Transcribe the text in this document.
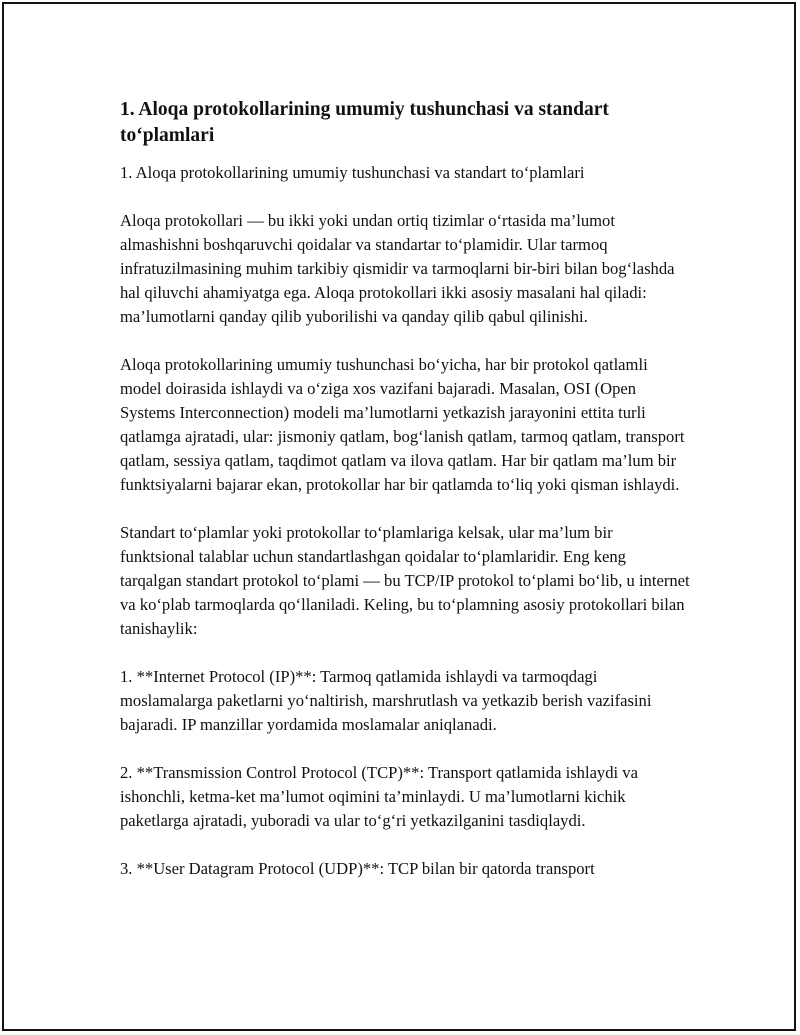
1. Aloqa protokollarining umumiy tushunchasi va standart to‘plamlari

1. Aloqa protokollarining umumiy tushunchasi va standart to‘plamlari

Aloqa protokollari — bu ikki yoki undan ortiq tizimlar o‘rtasida ma’lumot almashishni boshqaruvchi qoidalar va standartar to‘plamidir. Ular tarmoq infratuzilmasining muhim tarkibiy qismidir va tarmoqlarni bir-biri bilan bog‘lashda hal qiluvchi ahamiyatga ega. Aloqa protokollari ikki asosiy masalani hal qiladi: ma’lumotlarni qanday qilib yuborilishi va qanday qilib qabul qilinishi.

Aloqa protokollarining umumiy tushunchasi bo‘yicha, har bir protokol qatlamli model doirasida ishlaydi va o‘ziga xos vazifani bajaradi. Masalan, OSI (Open Systems Interconnection) modeli ma’lumotlarni yetkazish jarayonini ettita turli qatlamga ajratadi, ular: jismoniy qatlam, bog‘lanish qatlam, tarmoq qatlam, transport qatlam, sessiya qatlam, taqdimot qatlam va ilova qatlam. Har bir qatlam ma’lum bir funktsiyalarni bajarar ekan, protokollar har bir qatlamda to‘liq yoki qisman ishlaydi.

Standart to‘plamlar yoki protokollar to‘plamlariga kelsak, ular ma’lum bir funktsional talablar uchun standartlashgan qoidalar to‘plamlaridir. Eng keng tarqalgan standart protokol to‘plami — bu TCP/IP protokol to‘plami bo‘lib, u internet va ko‘plab tarmoqlarda qo‘llaniladi. Keling, bu to‘plamning asosiy protokollari bilan tanishaylik:

1. **Internet Protocol (IP)**: Tarmoq qatlamida ishlaydi va tarmoqdagi moslamalarga paketlarni yo‘naltirish, marshrutlash va yetkazib berish vazifasini bajaradi. IP manzillar yordamida moslamalar aniqlanadi.

2. **Transmission Control Protocol (TCP)**: Transport qatlamida ishlaydi va ishonchli, ketma-ket ma’lumot oqimini ta’minlaydi. U ma’lumotlarni kichik paketlarga ajratadi, yuboradi va ular to‘g‘ri yetkazilganini tasdiqlaydi.

3. **User Datagram Protocol (UDP)**: TCP bilan bir qatorda transport
